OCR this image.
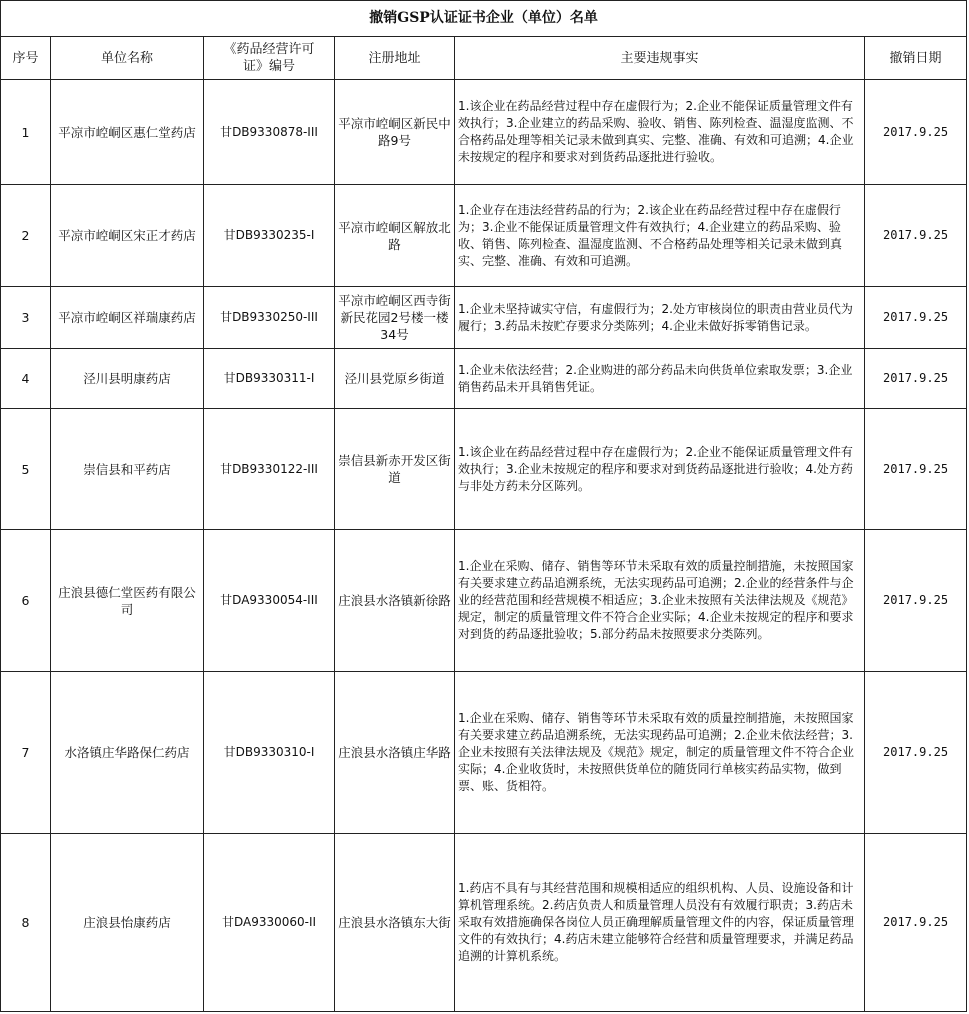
撤销GSP认证证书企业（单位）名单					
序号	单位名称	《药品经营许可证》编号	注册地址	主要违规事实	撤销日期
1	平凉市崆峒区惠仁堂药店	甘DB9330878-III	平凉市崆峒区新民中路9号	1.该企业在药品经营过程中存在虚假行为；2.企业不能保证质量管理文件有效执行；3.企业建立的药品采购、验收、销售、陈列检查、温湿度监测、不合格药品处理等相关记录未做到真实、完整、准确、有效和可追溯；4.企业未按规定的程序和要求对到货药品逐批进行验收。	2017.9.25
2	平凉市崆峒区宋正才药店	甘DB9330235-I	平凉市崆峒区解放北路	1.企业存在违法经营药品的行为；2.该企业在药品经营过程中存在虚假行为；3.企业不能保证质量管理文件有效执行；4.企业建立的药品采购、验收、销售、陈列检查、温湿度监测、不合格药品处理等相关记录未做到真实、完整、准确、有效和可追溯。	2017.9.25
3	平凉市崆峒区祥瑞康药店	甘DB9330250-III	平凉市崆峒区西寺街新民花园2号楼一楼34号	1.企业未坚持诚实守信，有虚假行为；2.处方审核岗位的职责由营业员代为履行；3.药品未按贮存要求分类陈列；4.企业未做好拆零销售记录。	2017.9.25
4	泾川县明康药店	甘DB9330311-I	泾川县党原乡街道	1.企业未依法经营；2.企业购进的部分药品未向供货单位索取发票；3.企业销售药品未开具销售凭证。	2017.9.25
5	崇信县和平药店	甘DB9330122-III	崇信县新赤开发区街道	1.该企业在药品经营过程中存在虚假行为；2.企业不能保证质量管理文件有效执行；3.企业未按规定的程序和要求对到货药品逐批进行验收；4.处方药与非处方药未分区陈列。	2017.9.25
6	庄浪县德仁堂医药有限公司	甘DA9330054-III	庄浪县水洛镇新徐路	1.企业在采购、储存、销售等环节未采取有效的质量控制措施，未按照国家有关要求建立药品追溯系统，无法实现药品可追溯；2.企业的经营条件与企业的经营范围和经营规模不相适应；3.企业未按照有关法律法规及《规范》规定，制定的质量管理文件不符合企业实际；4.企业未按规定的程序和要求对到货的药品逐批验收；5.部分药品未按照要求分类陈列。	2017.9.25
7	水洛镇庄华路保仁药店	甘DB9330310-I	庄浪县水洛镇庄华路	1.企业在采购、储存、销售等环节未采取有效的质量控制措施，未按照国家有关要求建立药品追溯系统，无法实现药品可追溯；2.企业未依法经营；3.企业未按照有关法律法规及《规范》规定，制定的质量管理文件不符合企业实际；4.企业收货时，未按照供货单位的随货同行单核实药品实物，做到票、账、货相符。	2017.9.25
8	庄浪县怡康药店	甘DA9330060-II	庄浪县水洛镇东大街	1.药店不具有与其经营范围和规模相适应的组织机构、人员、设施设备和计算机管理系统。2.药店负责人和质量管理人员没有有效履行职责；3.药店未采取有效措施确保各岗位人员正确理解质量管理文件的内容，保证质量管理文件的有效执行；4.药店未建立能够符合经营和质量管理要求，并满足药品追溯的计算机系统。	2017.9.25
